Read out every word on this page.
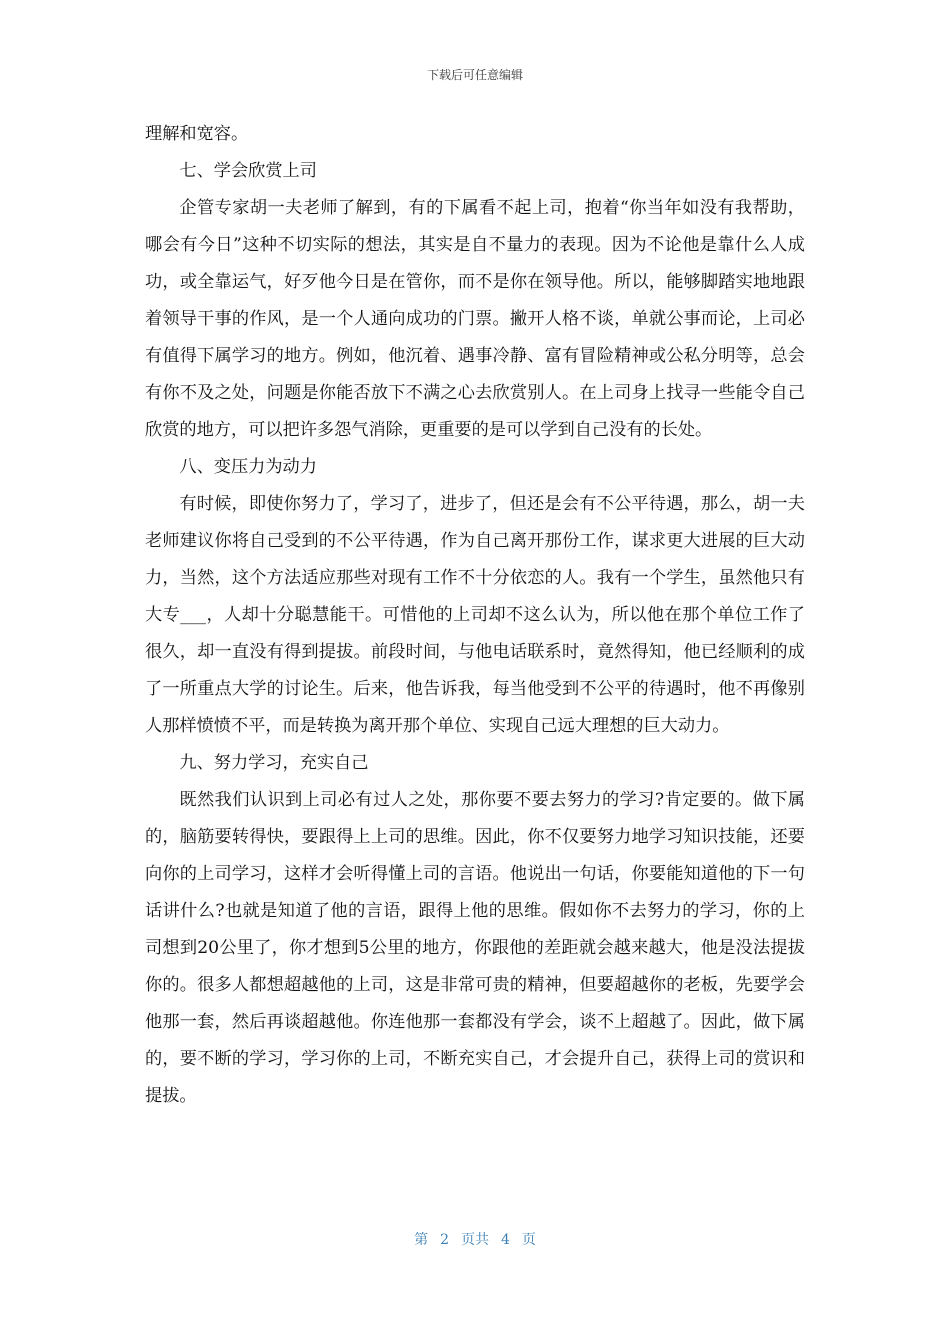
下载后可任意编辑

理解和宽容。

七、学会欣赏上司

企管专家胡一夫老师了解到，有的下属看不起上司，抱着“你当年如没有我帮助，哪会有今日”这种不切实际的想法，其实是自不量力的表现。因为不论他是靠什么人成功，或全靠运气，好歹他今日是在管你，而不是你在领导他。所以，能够脚踏实地地跟着领导干事的作风，是一个人通向成功的门票。撇开人格不谈，单就公事而论，上司必有值得下属学习的地方。例如，他沉着、遇事冷静、富有冒险精神或公私分明等，总会有你不及之处，问题是你能否放下不满之心去欣赏别人。在上司身上找寻一些能令自己欣赏的地方，可以把许多怨气消除，更重要的是可以学到自己没有的长处。

八、变压力为动力

有时候，即使你努力了，学习了，进步了，但还是会有不公平待遇，那么，胡一夫老师建议你将自己受到的不公平待遇，作为自己离开那份工作，谋求更大进展的巨大动力，当然，这个方法适应那些对现有工作不十分依恋的人。我有一个学生，虽然他只有大专___，人却十分聪慧能干。可惜他的上司却不这么认为，所以他在那个单位工作了很久，却一直没有得到提拔。前段时间，与他电话联系时，竟然得知，他已经顺利的成了一所重点大学的讨论生。后来，他告诉我，每当他受到不公平的待遇时，他不再像别人那样愤愤不平，而是转换为离开那个单位、实现自己远大理想的巨大动力。

九、努力学习，充实自己

既然我们认识到上司必有过人之处，那你要不要去努力的学习?肯定要的。做下属的，脑筋要转得快，要跟得上上司的思维。因此，你不仅要努力地学习知识技能，还要向你的上司学习，这样才会听得懂上司的言语。他说出一句话，你要能知道他的下一句话讲什么?也就是知道了他的言语，跟得上他的思维。假如你不去努力的学习，你的上司想到20公里了，你才想到5公里的地方，你跟他的差距就会越来越大，他是没法提拔你的。很多人都想超越他的上司，这是非常可贵的精神，但要超越你的老板，先要学会他那一套，然后再谈超越他。你连他那一套都没有学会，谈不上超越了。因此，做下属的，要不断的学习，学习你的上司，不断充实自己，才会提升自己，获得上司的赏识和提拔。

第 2 页共 4 页
